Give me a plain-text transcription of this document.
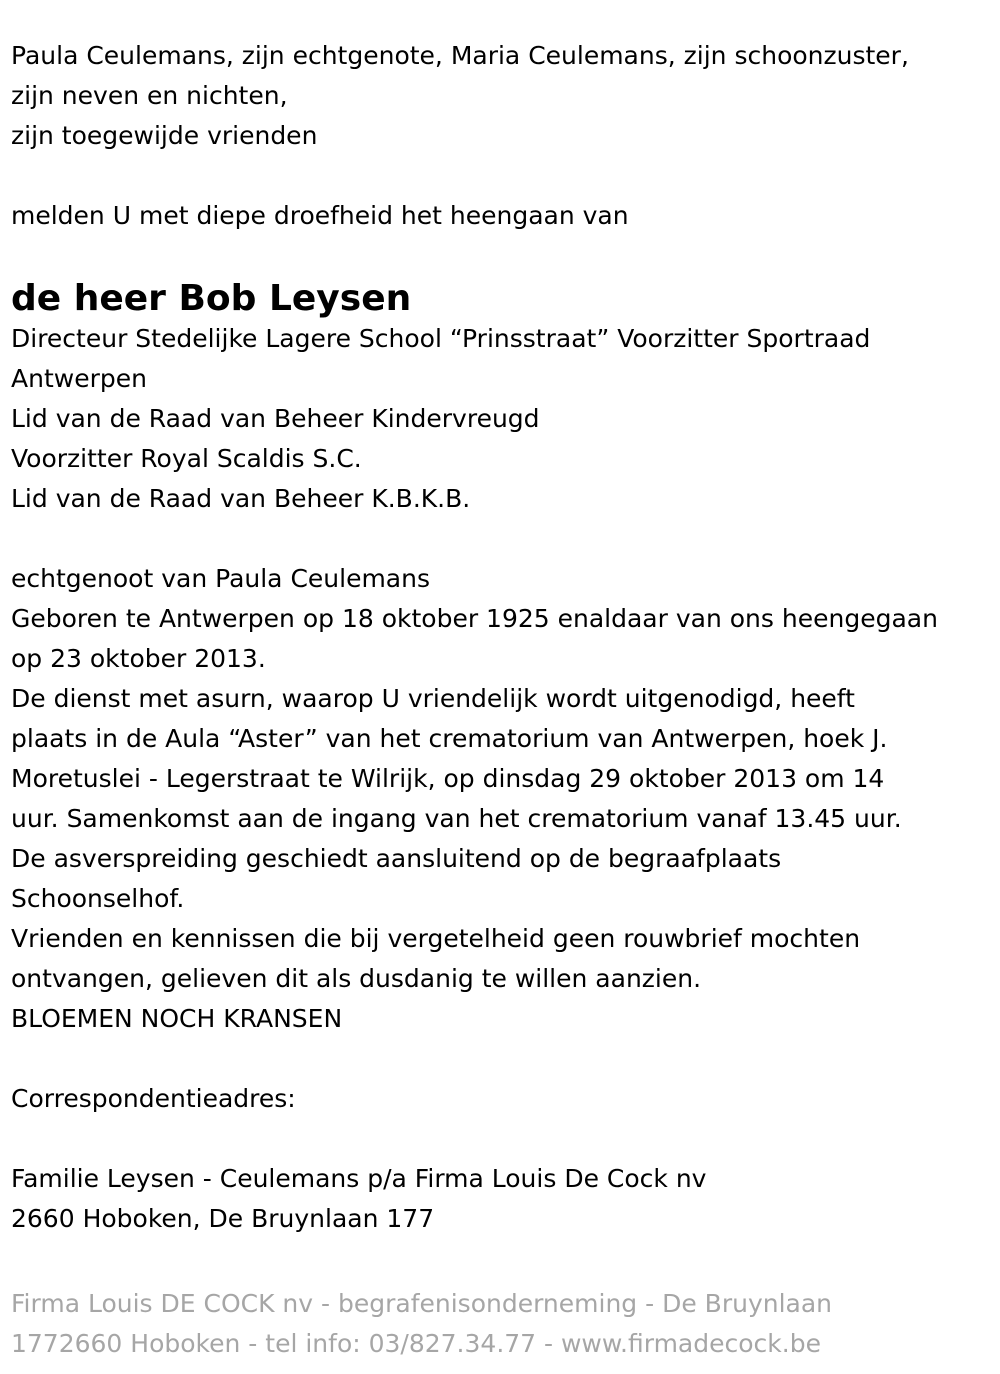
Paula Ceulemans, zijn echtgenote, Maria Ceulemans, zijn schoonzuster,
zijn neven en nichten,
zijn toegewijde vrienden
melden U met diepe droefheid het heengaan van
de heer Bob Leysen
Directeur Stedelijke Lagere School “Prinsstraat” Voorzitter Sportraad
Antwerpen
Lid van de Raad van Beheer Kindervreugd
Voorzitter Royal Scaldis S.C.
Lid van de Raad van Beheer K.B.K.B.
echtgenoot van Paula Ceulemans
Geboren te Antwerpen op 18 oktober 1925 enaldaar van ons heengegaan
op 23 oktober 2013.
De dienst met asurn, waarop U vriendelijk wordt uitgenodigd, heeft
plaats in de Aula “Aster” van het crematorium van Antwerpen, hoek J.
Moretuslei - Legerstraat te Wilrijk, op dinsdag 29 oktober 2013 om 14
uur. Samenkomst aan de ingang van het crematorium vanaf 13.45 uur.
De asverspreiding geschiedt aansluitend op de begraafplaats
Schoonselhof.
Vrienden en kennissen die bij vergetelheid geen rouwbrief mochten
ontvangen, gelieven dit als dusdanig te willen aanzien.
BLOEMEN NOCH KRANSEN
Correspondentieadres:
Familie Leysen - Ceulemans p/a Firma Louis De Cock nv
2660 Hoboken, De Bruynlaan 177
Firma Louis DE COCK nv - begrafenisonderneming - De Bruynlaan
1772660 Hoboken - tel info: 03/827.34.77 - www.firmadecock.be
